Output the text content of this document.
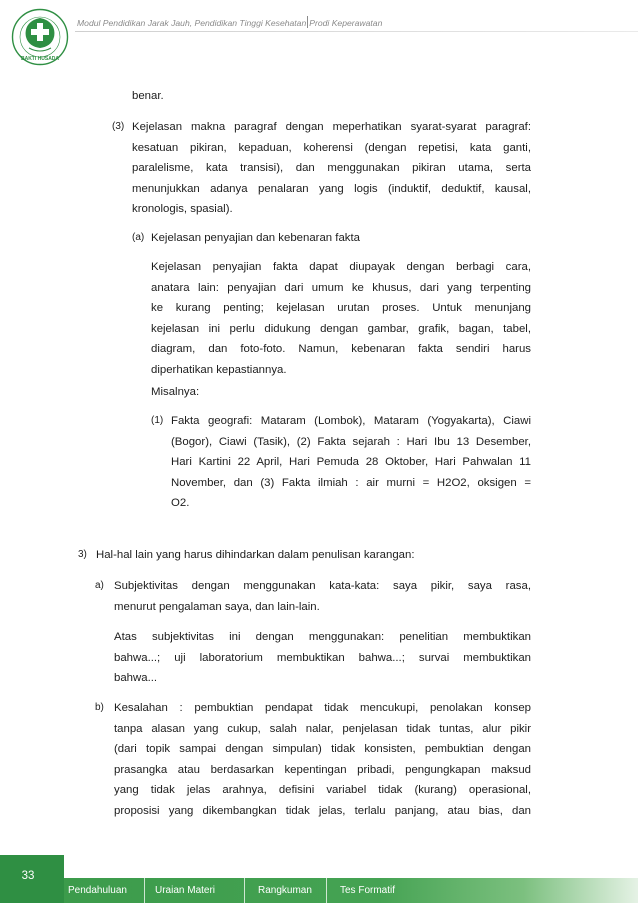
BAKTI HUSADA
Modul Pendidikan Jarak Jauh, Pendidikan Tinggi Kesehatan Prodi Keperawatan
benar.
(3) Kejelasan makna paragraf dengan meperhatikan syarat-syarat paragraf:
kesatuan pikiran, kepaduan, koherensi (dengan repetisi, kata ganti,
paralelisme, kata transisi), dan menggunakan pikiran utama, serta
menunjukkan adanya penalaran yang logis (induktif, deduktif, kausal,
kronologis, spasial).
(a) Kejelasan penyajian dan kebenaran fakta
Kejelasan penyajian fakta dapat diupayak dengan berbagi cara,
anatara lain: penyajian dari umum ke khusus, dari yang terpenting
ke kurang penting; kejelasan urutan proses. Untuk menunjang
kejelasan ini perlu didukung dengan gambar, grafik, bagan, tabel,
diagram, dan foto-foto. Namun, kebenaran fakta sendiri harus
diperhatikan kepastiannya.
Misalnya:
(1) Fakta geografi: Mataram (Lombok), Mataram (Yogyakarta), Ciawi
(Bogor), Ciawi (Tasik), (2) Fakta sejarah : Hari Ibu 13 Desember,
Hari Kartini 22 April, Hari Pemuda 28 Oktober, Hari Pahwalan 11
November, dan (3) Fakta ilmiah : air murni = H2O2, oksigen =
O2.
3) Hal-hal lain yang harus dihindarkan dalam penulisan karangan:
a) Subjektivitas dengan menggunakan kata-kata: saya pikir, saya rasa,
menurut pengalaman saya, dan lain-lain.
Atas subjektivitas ini dengan menggunakan: penelitian membuktikan
bahwa...; uji laboratorium membuktikan bahwa...; survai membuktikan
bahwa...
b) Kesalahan : pembuktian pendapat tidak mencukupi, penolakan konsep
tanpa alasan yang cukup, salah nalar, penjelasan tidak tuntas, alur pikir
(dari topik sampai dengan simpulan) tidak konsisten, pembuktian dengan
prasangka atau berdasarkan kepentingan pribadi, pengungkapan maksud
yang tidak jelas arahnya, defisini variabel tidak (kurang) operasional,
proposisi yang dikembangkan tidak jelas, terlalu panjang, atau bias, dan
33
Pendahuluan	Uraian Materi	Rangkuman	Tes Formatif
